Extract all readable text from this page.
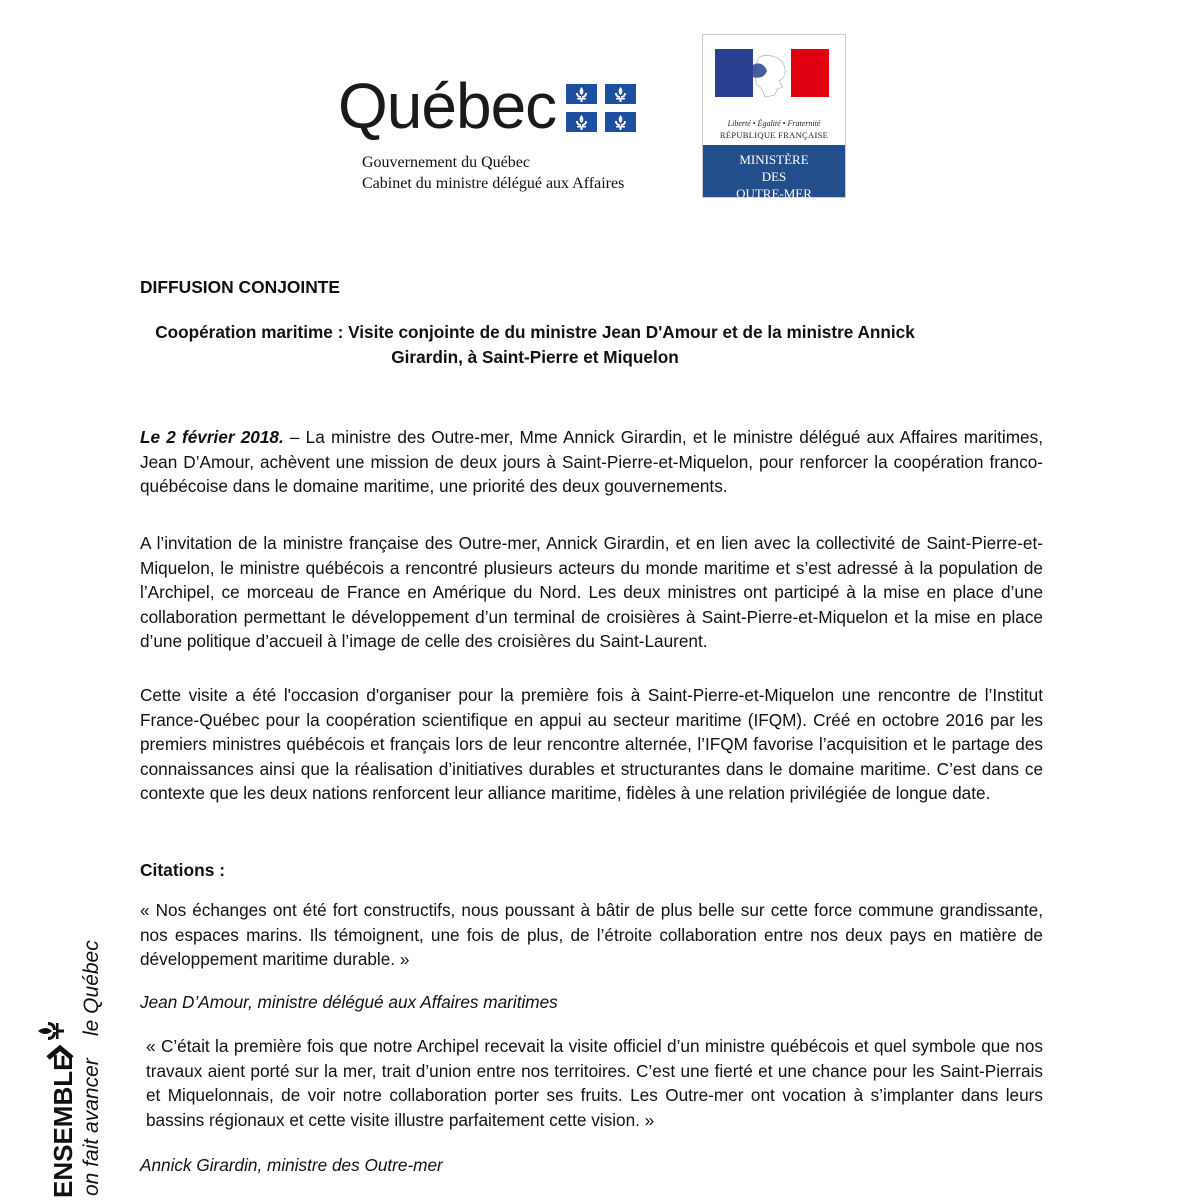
Québec
Gouvernement du Québec
Cabinet du ministre délégué aux Affaires
Liberté • Égalité • Fraternité
RÉPUBLIQUE FRANÇAISE
MINISTÈRE
DES
OUTRE-MER
DIFFUSION CONJOINTE
Coopération maritime : Visite conjointe de du ministre Jean D'Amour et de la ministre Annick
Girardin, à Saint-Pierre et Miquelon

Le 2 février 2018. – La ministre des Outre-mer, Mme Annick Girardin, et le ministre délégué aux Affaires maritimes, Jean D’Amour, achèvent une mission de deux jours à Saint-Pierre-et-Miquelon, pour renforcer la coopération franco-québécoise dans le domaine maritime, une priorité des deux gouvernements.

A l’invitation de la ministre française des Outre-mer, Annick Girardin, et en lien avec la collectivité de Saint-Pierre-et-Miquelon, le ministre québécois a rencontré plusieurs acteurs du monde maritime et s’est adressé à la population de l’Archipel, ce morceau de France en Amérique du Nord. Les deux ministres ont participé à la mise en place d’une collaboration permettant le développement d’un terminal de croisières à Saint-Pierre-et-Miquelon et la mise en place d’une politique d’accueil à l’image de celle des croisières du Saint-Laurent.

Cette visite a été l'occasion d'organiser pour la première fois à Saint-Pierre-et-Miquelon une rencontre de l’Institut France-Québec pour la coopération scientifique en appui au secteur maritime (IFQM). Créé en octobre 2016 par les premiers ministres québécois et français lors de leur rencontre alternée, l’IFQM favorise l’acquisition et le partage des connaissances ainsi que la réalisation d’initiatives durables et structurantes dans le domaine maritime. C’est dans ce contexte que les deux nations renforcent leur alliance maritime, fidèles à une relation privilégiée de longue date.

Citations :

« Nos échanges ont été fort constructifs, nous poussant à bâtir de plus belle sur cette force commune grandissante, nos espaces marins. Ils témoignent, une fois de plus, de l’étroite collaboration entre nos deux pays en matière de développement maritime durable. »

Jean D’Amour, ministre délégué aux Affaires maritimes

« C’était la première fois que notre Archipel recevait la visite officiel d’un ministre québécois et quel symbole que nos travaux aient porté sur la mer, trait d’union entre nos territoires. C’est une fierté et une chance pour les Saint-Pierrais et Miquelonnais, de voir notre collaboration porter ses fruits. Les Outre-mer ont vocation à s’implanter dans leurs bassins régionaux et cette visite illustre parfaitement cette vision. »

Annick Girardin, ministre des Outre-mer

ENSEMBLE on fait avancer
le Québec
